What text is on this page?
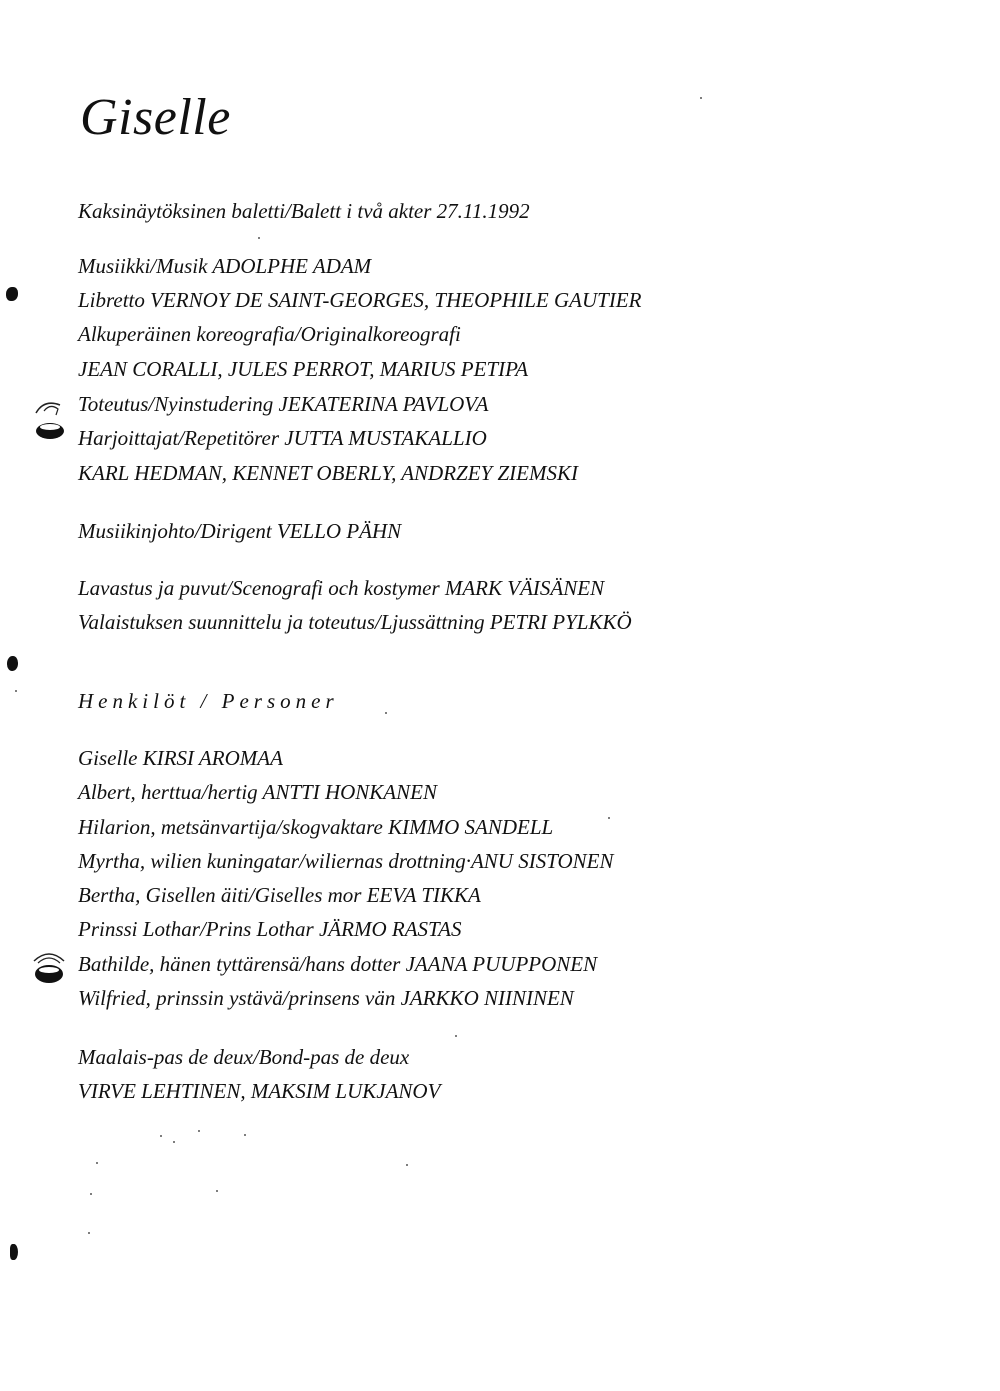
Giselle
Kaksinäytöksinen baletti/Balett i två akter 27.11.1992
Musiikki/Musik ADOLPHE ADAM
Libretto VERNOY DE SAINT-GEORGES, THEOPHILE GAUTIER
Alkuperäinen koreografia/Originalkoreografi
JEAN CORALLI, JULES PERROT, MARIUS PETIPA
Toteutus/Nyinstudering JEKATERINA PAVLOVA
Harjoittajat/Repetitörer JUTTA MUSTAKALLIO
KARL HEDMAN, KENNET OBERLY, ANDRZEY ZIEMSKI
Musiikinjohto/Dirigent VELLO PÄHN
Lavastus ja puvut/Scenografi och kostymer MARK VÄISÄNEN
Valaistuksen suunnittelu ja toteutus/Ljussättning PETRI PYLKKÖ
Henkilöt / Personer
Giselle KIRSI AROMAA
Albert, herttua/hertig ANTTI HONKANEN
Hilarion, metsänvartija/skogvaktare KIMMO SANDELL
Myrtha, wilien kuningatar/wiliernas drottning·ANU SISTONEN
Bertha, Gisellen äiti/Giselles mor EEVA TIKKA
Prinssi Lothar/Prins Lothar JÄRMO RASTAS
Bathilde, hänen tyttärensä/hans dotter JAANA PUUPPONEN
Wilfried, prinssin ystävä/prinsens vän JARKKO NIININEN
Maalais-pas de deux/Bond-pas de deux
VIRVE LEHTINEN, MAKSIM LUKJANOV
